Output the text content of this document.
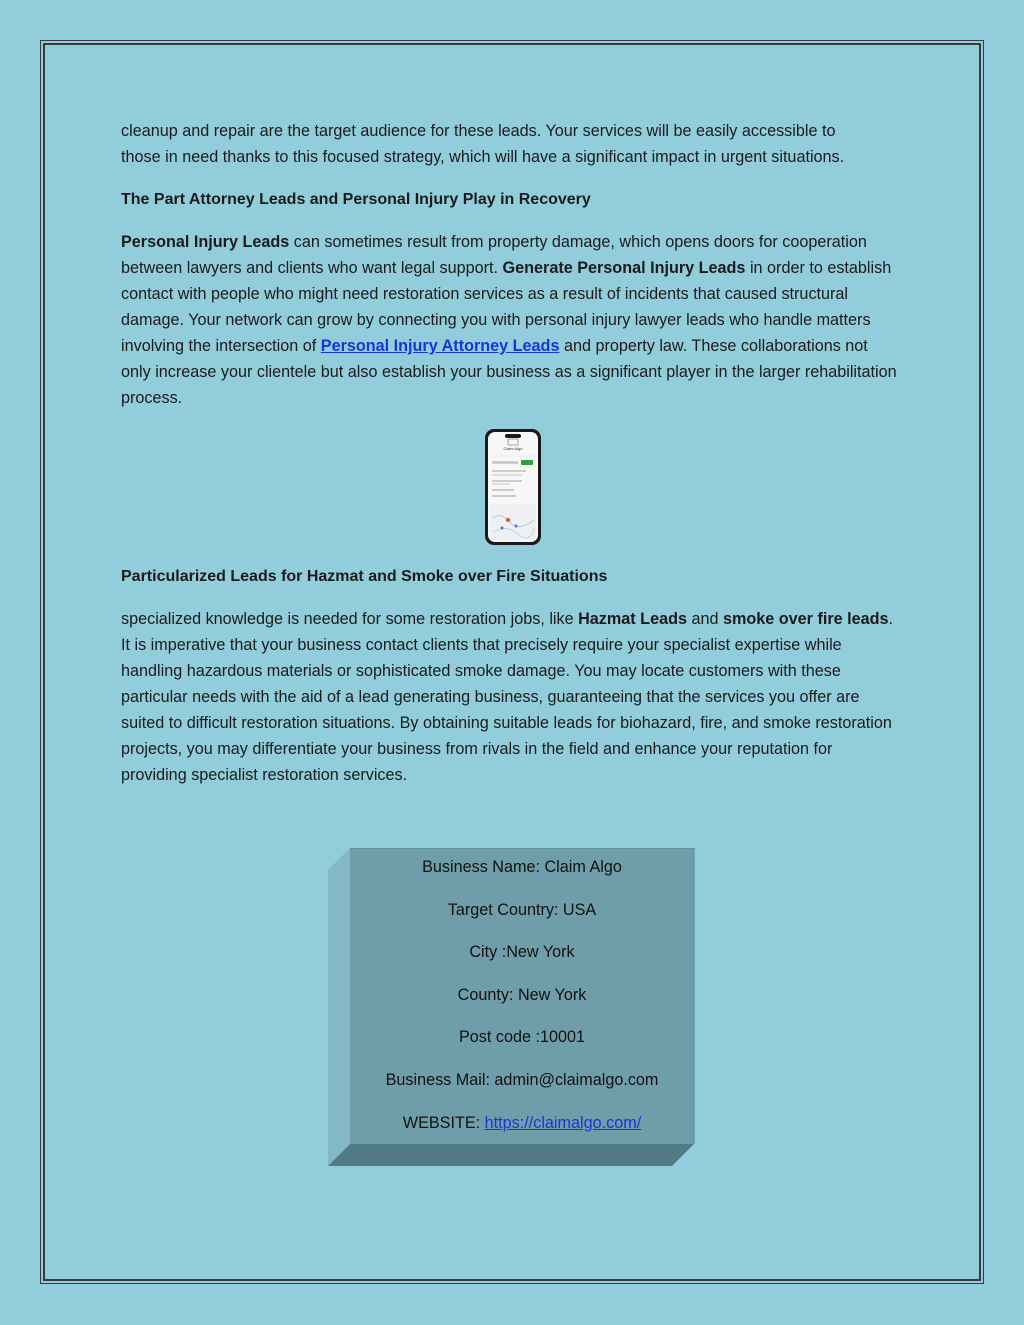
cleanup and repair are the target audience for these leads. Your services will be easily accessible to
those in need thanks to this focused strategy, which will have a significant impact in urgent situations.

The Part Attorney Leads and Personal Injury Play in Recovery

Personal Injury Leads can sometimes result from property damage, which opens doors for cooperation between lawyers and clients who want legal support. Generate Personal Injury Leads in order to establish contact with people who might need restoration services as a result of incidents that caused structural damage. Your network can grow by connecting you with personal injury lawyer leads who handle matters involving the intersection of Personal Injury Attorney Leads and property law. These collaborations not only increase your clientele but also establish your business as a significant player in the larger rehabilitation process.

Claim Algo

Particularized Leads for Hazmat and Smoke over Fire Situations

specialized knowledge is needed for some restoration jobs, like Hazmat Leads and smoke over fire leads. It is imperative that your business contact clients that precisely require your specialist expertise while handling hazardous materials or sophisticated smoke damage. You may locate customers with these particular needs with the aid of a lead generating business, guaranteeing that the services you offer are suited to difficult restoration situations. By obtaining suitable leads for biohazard, fire, and smoke restoration projects, you may differentiate your business from rivals in the field and enhance your reputation for providing specialist restoration services.

Business Name: Claim Algo
Target Country: USA
City :New York
County: New York
Post code :10001
Business Mail: admin@claimalgo.com
WEBSITE: https://claimalgo.com/
